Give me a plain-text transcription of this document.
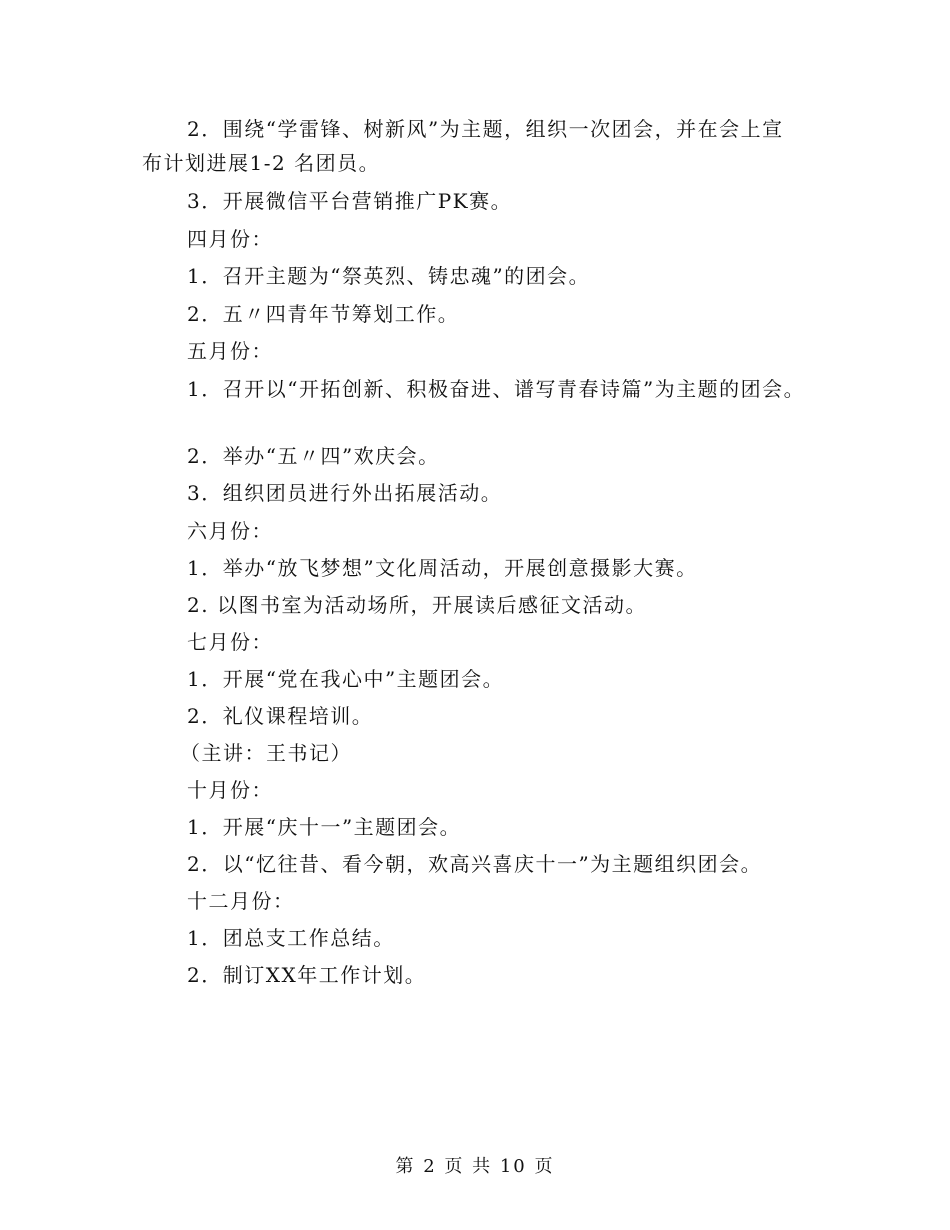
2．围绕“学雷锋、树新风”为主题，组织一次团会，并在会上宣
布计划进展1-2 名团员。
3．开展微信平台营销推广PK赛。
四月份：
1．召开主题为“祭英烈、铸忠魂”的团会。
2．五〃四青年节筹划工作。
五月份：
1．召开以“开拓创新、积极奋进、谱写青春诗篇”为主题的团会。
2．举办“五〃四”欢庆会。
3．组织团员进行外出拓展活动。
六月份：
1．举办“放飞梦想”文化周活动，开展创意摄影大赛。
2. 以图书室为活动场所，开展读后感征文活动。
七月份：
1．开展“党在我心中”主题团会。
2．礼仪课程培训。
（主讲：王书记）
十月份：
1．开展“庆十一”主题团会。
2．以“忆往昔、看今朝，欢高兴喜庆十一”为主题组织团会。
十二月份：
1．团总支工作总结。
2．制订XX年工作计划。
第 2 页 共 10 页
